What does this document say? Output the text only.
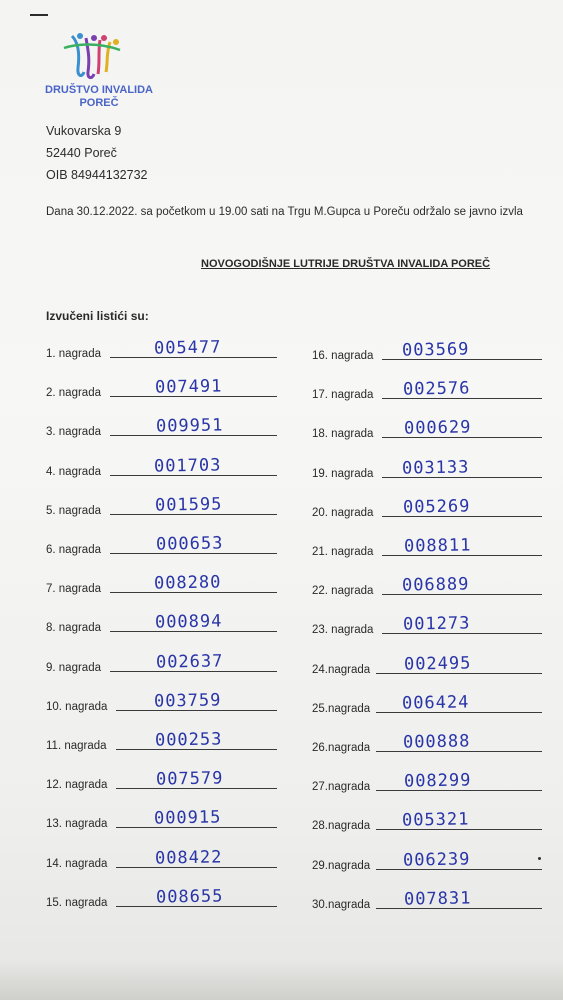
DRUŠTVO INVALIDA
POREČ
Vukovarska 9
52440 Poreč
OIB 84944132732
Dana 30.12.2022. sa početkom u 19.00 sati na Trgu M.Gupca u Poreču održalo se javno izvla
NOVOGODIŠNJE LUTRIJE DRUŠTVA INVALIDA POREČ
Izvučeni listići su:
1. nagrada	005477
2. nagrada	007491
3. nagrada	009951
4. nagrada	001703
5. nagrada	001595
6. nagrada	000653
7. nagrada	008280
8. nagrada	000894
9. nagrada	002637
10. nagrada	003759
11. nagrada	000253
12. nagrada	007579
13. nagrada	000915
14. nagrada	008422
15. nagrada	008655
16. nagrada 003569
17. nagrada 002576
18. nagrada 000629
19. nagrada 003133
20. nagrada 005269
21. nagrada 008811
22. nagrada 006889
23. nagrada 001273
24.nagrada 002495
25.nagrada 006424
26.nagrada 000888
27.nagrada 008299
28.nagrada 005321
29.nagrada 006239
30.nagrada 007831
